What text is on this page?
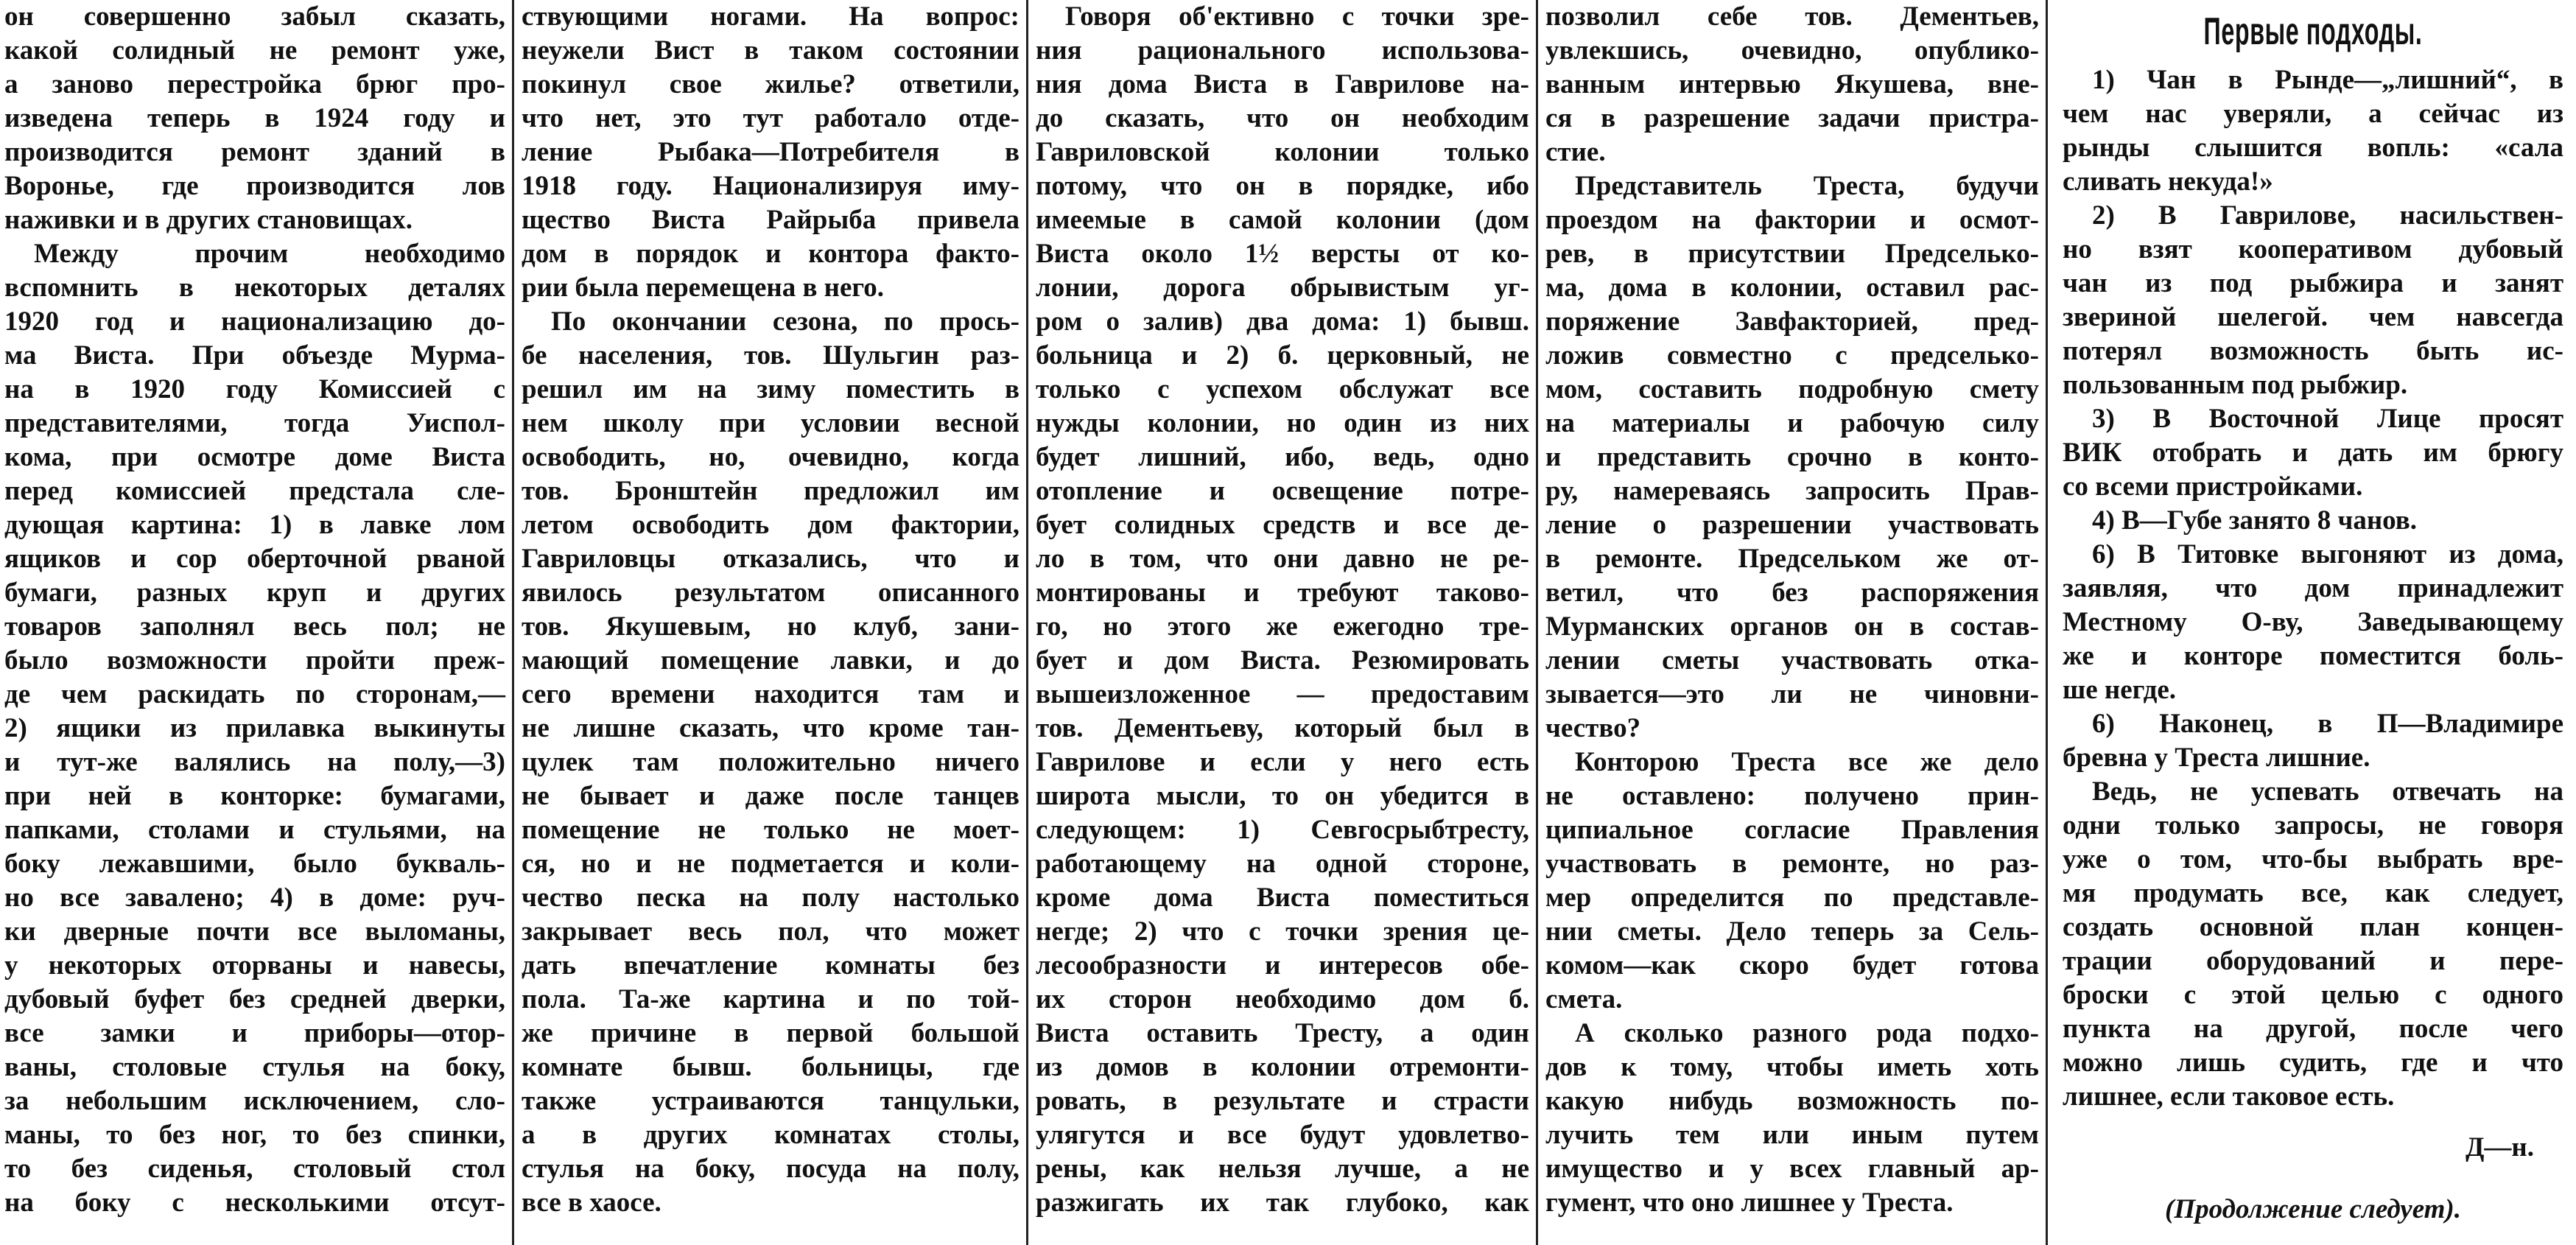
он совершенно забыл сказать,
какой солидный не ремонт уже,
а заново перестройка брюг про-
изведена теперь в 1924 году и
производится ремонт зданий в
Воронье, где производится лов
наживки и в других становищах.
Между прочим необходимо
вспомнить в некоторых деталях
1920 год и национализацию до-
ма Виста. При объезде Мурма-
на в 1920 году Комиссией с
представителями, тогда Уиспол-
кома, при осмотре доме Виста
перед комиссией предстала сле-
дующая картина: 1) в лавке лом
ящиков и сор оберточной рваной
бумаги, разных круп и других
товаров заполнял весь пол; не
было возможности пройти преж-
де чем раскидать по сторонам,—
2) ящики из прилавка выкинуты
и тут-же валялись на полу,—3)
при ней в конторке: бумагами,
папками, столами и стульями, на
боку лежавшими, было букваль-
но все завалено; 4) в доме: руч-
ки дверные почти все выломаны,
у некоторых оторваны и навесы,
дубовый буфет без средней дверки,
все замки и приборы—отор-
ваны, столовые стулья на боку,
за небольшим исключением, сло-
маны, то без ног, то без спинки,
то без сиденья, столовый стол
на боку с несколькими отсут-
ствующими ногами. На вопрос:
неужели Вист в таком состоянии
покинул свое жилье? ответили,
что нет, это тут работало отде-
ление Рыбака—Потребителя в
1918 году. Национализируя иму-
щество Виста Райрыба привела
дом в порядок и контора факто-
рии была перемещена в него.
По окончании сезона, по прось-
бе населения, тов. Шульгин раз-
решил им на зиму поместить в
нем школу при условии весной
освободить, но, очевидно, когда
тов. Бронштейн предложил им
летом освободить дом фактории,
Гавриловцы отказались, что и
явилось результатом описанного
тов. Якушевым, но клуб, зани-
мающий помещение лавки, и до
сего времени находится там и
не лишне сказать, что кроме тан-
цулек там положительно ничего
не бывает и даже после танцев
помещение не только не моет-
ся, но и не подметается и коли-
чество песка на полу настолько
закрывает весь пол, что может
дать впечатление комнаты без
пола. Та-же картина и по той-
же причине в первой большой
комнате бывш. больницы, где
также устраиваются танцульки,
а в других комнатах столы,
стулья на боку, посуда на полу,
все в хаосе.
Говоря об'ективно с точки зре-
ния рационального использова-
ния дома Виста в Гаврилове на-
до сказать, что он необходим
Гавриловской колонии только
потому, что он в порядке, ибо
имеемые в самой колонии (дом
Виста около 1½ версты от ко-
лонии, дорога обрывистым уг-
ром о залив) два дома: 1) бывш.
больница и 2) б. церковный, не
только с успехом обслужат все
нужды колонии, но один из них
будет лишний, ибо, ведь, одно
отопление и освещение потре-
бует солидных средств и все де-
ло в том, что они давно не ре-
монтированы и требуют таково-
го, но этого же ежегодно тре-
бует и дом Виста. Резюмировать
вышеизложенное — предоставим
тов. Дементьеву, который был в
Гаврилове и если у него есть
широта мысли, то он убедится в
следующем: 1) Севгосрыбтресту,
работающему на одной стороне,
кроме дома Виста поместиться
негде; 2) что с точки зрения це-
лесообразности и интересов обе-
их сторон необходимо дом б.
Виста оставить Тресту, а один
из домов в колонии отремонти-
ровать, в результате и страсти
улягутся и все будут удовлетво-
рены, как нельзя лучше, а не
разжигать их так глубоко, как
позволил себе тов. Дементьев,
увлекшись, очевидно, опублико-
ванным интервью Якушева, вне-
ся в разрешение задачи пристра-
стие.
Представитель Треста, будучи
проездом на фактории и осмот-
рев, в присутствии Предселько-
ма, дома в колонии, оставил рас-
поряжение Завфакторией, пред-
ложив совместно с предселько-
мом, составить подробную смету
на материалы и рабочую силу
и представить срочно в конто-
ру, намереваясь запросить Прав-
ление о разрешении участвовать
в ремонте. Предсельком же от-
ветил, что без распоряжения
Мурманских органов он в состав-
лении сметы участвовать отка-
зывается—это ли не чиновни-
чество?
Конторою Треста все же дело
не оставлено: получено прин-
ципиальное согласие Правления
участвовать в ремонте, но раз-
мер определится по представле-
нии сметы. Дело теперь за Сель-
комом—как скоро будет готова
смета.
А сколько разного рода подхо-
дов к тому, чтобы иметь хоть
какую нибудь возможность по-
лучить тем или иным путем
имущество и у всех главный ар-
гумент, что оно лишнее у Треста.
Первые подходы.
1) Чан в Рынде—„лишний“, в
чем нас уверяли, а сейчас из
рынды слышится вопль: «сала
сливать некуда!»
2) В Гаврилове, насильствен-
но взят кооперативом дубовый
чан из под рыбжира и занят
звериной шелегой. чем навсегда
потерял возможность быть ис-
пользованным под рыбжир.
3) В Восточной Лице просят
ВИК отобрать и дать им брюгу
со всеми пристройками.
4) В—Губе занято 8 чанов.
6) В Титовке выгоняют из дома,
заявляя, что дом принадлежит
Местному О-ву, Заведывающему
же и конторе поместится боль-
ше негде.
6) Наконец, в П—Владимире
бревна у Треста лишние.
Ведь, не успевать отвечать на
одни только запросы, не говоря
уже о том, что-бы выбрать вре-
мя продумать все, как следует,
создать основной план концен-
трации оборудований и пере-
броски с этой целью с одного
пункта на другой, после чего
можно лишь судить, где и что
лишнее, если таковое есть.
Д—н.
(Продолжение следует).
